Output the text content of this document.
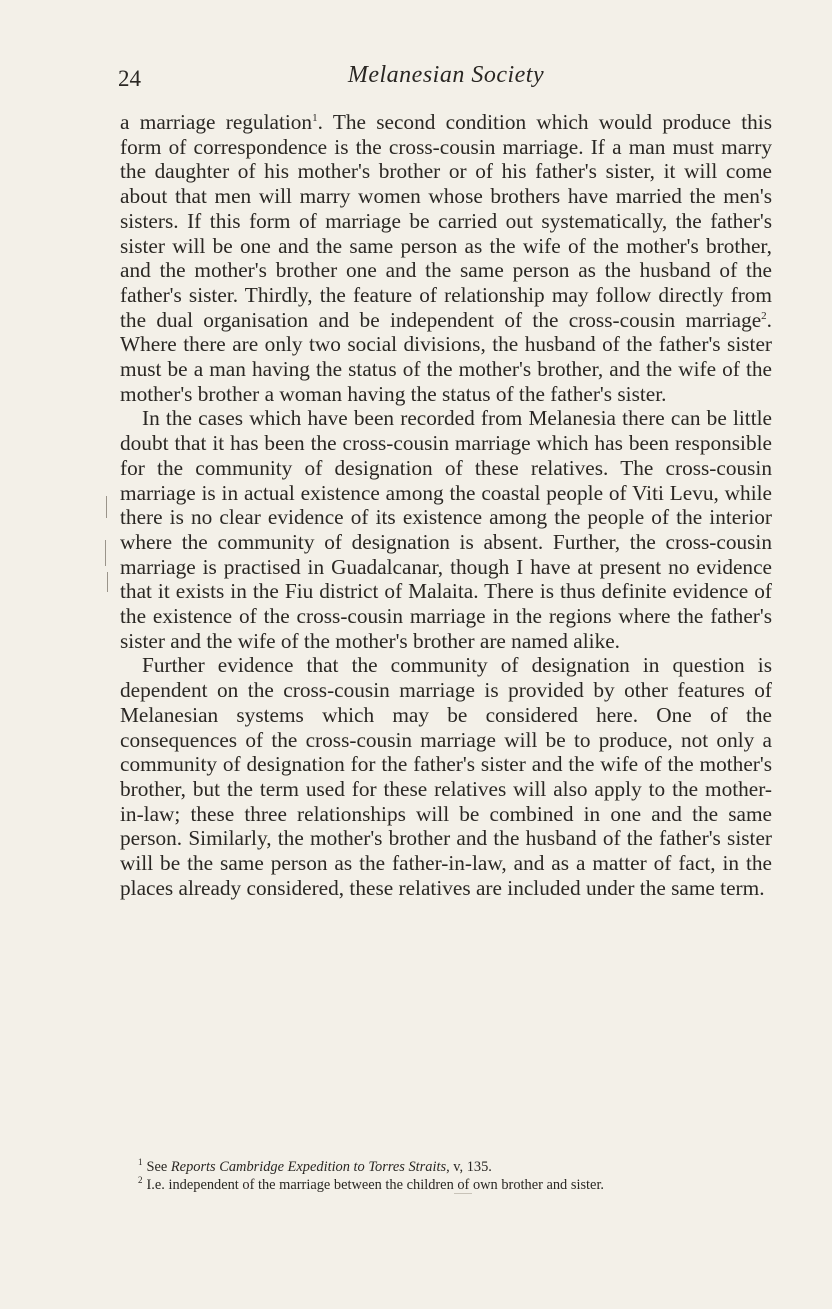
24	Melanesian Society

a marriage regulation$^1$. The second condition which would produce this form of correspondence is the cross-cousin marriage. If a man must marry the daughter of his mother's brother or of his father's sister, it will come about that men will marry women whose brothers have married the men's sisters. If this form of marriage be carried out systematically, the father's sister will be one and the same person as the wife of the mother's brother, and the mother's brother one and the same person as the husband of the father's sister. Thirdly, the feature of relationship may follow directly from the dual organisation and be independent of the cross-cousin marriage$^2$. Where there are only two social divisions, the husband of the father's sister must be a man having the status of the mother's brother, and the wife of the mother's brother a woman having the status of the father's sister.

In the cases which have been recorded from Melanesia there can be little doubt that it has been the cross-cousin marriage which has been responsible for the community of designation of these relatives. The cross-cousin marriage is in actual existence among the coastal people of Viti Levu, while there is no clear evidence of its existence among the people of the interior where the community of designation is absent. Further, the cross-cousin marriage is practised in Guadalcanar, though I have at present no evidence that it exists in the Fiu district of Malaita. There is thus definite evidence of the existence of the cross-cousin marriage in the regions where the father's sister and the wife of the mother's brother are named alike.

Further evidence that the community of designation in question is dependent on the cross-cousin marriage is provided by other features of Melanesian systems which may be considered here. One of the consequences of the cross-cousin marriage will be to produce, not only a community of designation for the father's sister and the wife of the mother's brother, but the term used for these relatives will also apply to the mother-in-law; these three relationships will be combined in one and the same person. Similarly, the mother's brother and the husband of the father's sister will be the same person as the father-in-law, and as a matter of fact, in the places already considered, these relatives are included under the same term.

$^1$ See Reports Cambridge Expedition to Torres Straits, v, 135.

$^2$ I.e. independent of the marriage between the children of own brother and sister.
